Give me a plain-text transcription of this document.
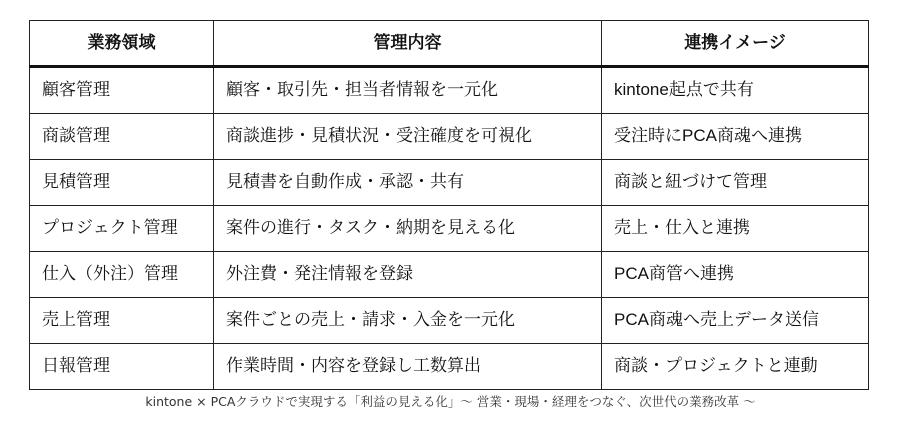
業務領域	管理内容	連携イメージ
顧客管理	顧客・取引先・担当者情報を一元化	kintone起点で共有
商談管理	商談進捗・見積状況・受注確度を可視化	受注時にPCA商魂へ連携
見積管理	見積書を自動作成・承認・共有	商談と紐づけて管理
プロジェクト管理	案件の進行・タスク・納期を見える化	売上・仕入と連携
仕入（外注）管理	外注費・発注情報を登録	PCA商管へ連携
売上管理	案件ごとの売上・請求・入金を一元化	PCA商魂へ売上データ送信
日報管理	作業時間・内容を登録し工数算出	商談・プロジェクトと連動
kintone × PCAクラウドで実現する「利益の見える化」〜 営業・現場・経理をつなぐ、次世代の業務改革 〜
